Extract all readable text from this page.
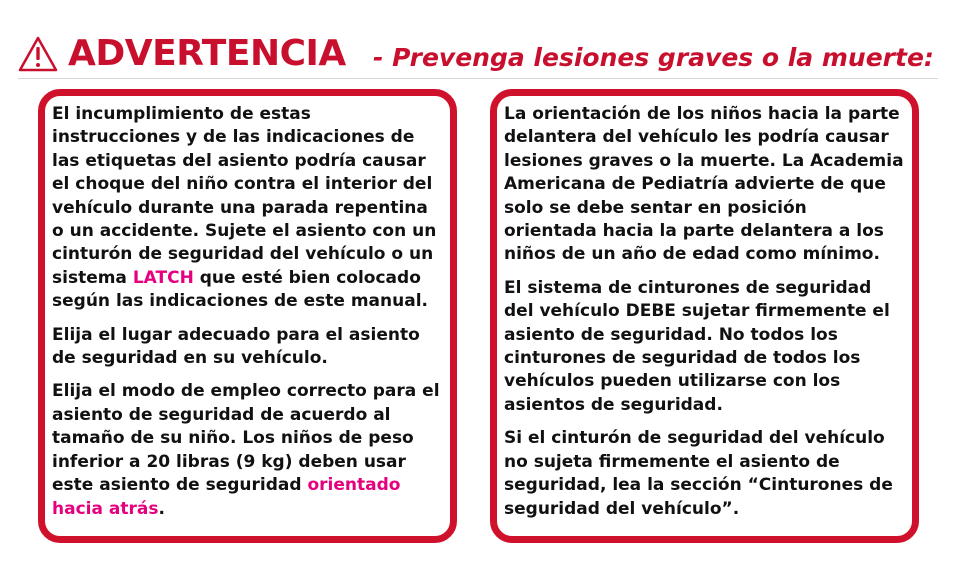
ADVERTENCIA - Prevenga lesiones graves o la muerte:

El incumplimiento de estas instrucciones y de las indicaciones de las etiquetas del asiento podría causar el choque del niño contra el interior del vehículo durante una parada repentina o un accidente. Sujete el asiento con un cinturón de seguridad del vehículo o un sistema LATCH que esté bien colocado según las indicaciones de este manual.

Elija el lugar adecuado para el asiento de seguridad en su vehículo.

Elija el modo de empleo correcto para el asiento de seguridad de acuerdo al tamaño de su niño. Los niños de peso inferior a 20 libras (9 kg) deben usar este asiento de seguridad orientado hacia atrás.

La orientación de los niños hacia la parte delantera del vehículo les podría causar lesiones graves o la muerte. La Academia Americana de Pediatría advierte de que solo se debe sentar en posición orientada hacia la parte delantera a los niños de un año de edad como mínimo.

El sistema de cinturones de seguridad del vehículo DEBE sujetar firmemente el asiento de seguridad. No todos los cinturones de seguridad de todos los vehículos pueden utilizarse con los asientos de seguridad.

Si el cinturón de seguridad del vehículo no sujeta firmemente el asiento de seguridad, lea la sección “Cinturones de seguridad del vehículo”.
